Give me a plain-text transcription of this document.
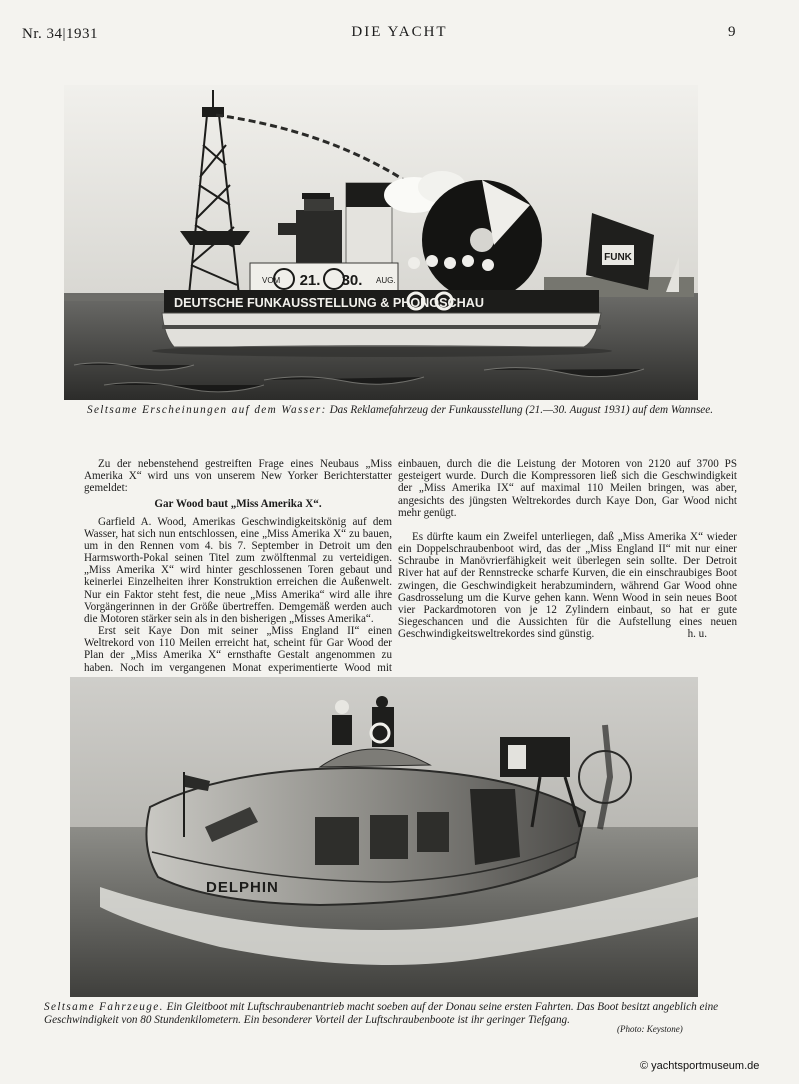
Nr. 34|1931	DIE YACHT	9
FUNK
VOM 21. 30. AUG.
DEUTSCHE FUNKAUSSTELLUNG & PHONOSCHAU
Seltsame Erscheinungen auf dem Wasser: Das Reklamefahrzeug der Funkausstellung (21.—30. August 1931) auf dem Wannsee.

Zu der nebenstehend gestreiften Frage eines Neubaus „Miss Amerika X“ wird uns von unserem New Yorker Berichterstatter gemeldet:

Gar Wood baut „Miss Amerika X“.

Garfield A. Wood, Amerikas Geschwindigkeitskönig auf dem Wasser, hat sich nun entschlossen, eine „Miss Amerika X“ zu bauen, um in den Rennen vom 4. bis 7. September in Detroit um den Harmsworth-Pokal seinen Titel zum zwölftenmal zu verteidigen. „Miss Amerika X“ wird hinter geschlossenen Toren gebaut und keinerlei Einzelheiten ihrer Konstruktion erreichen die Außenwelt. Nur ein Faktor steht fest, die neue „Miss Amerika“ wird alle ihre Vorgängerinnen in der Größe übertreffen. Demgemäß werden auch die Motoren stärker sein als in den bisherigen „Misses Amerika“.

Erst seit Kaye Don mit seiner „Miss England II“ einen Weltrekord von 110 Meilen erreicht hat, scheint für Gar Wood der Plan der „Miss Amerika X“ ernsthafte Gestalt angenommen zu haben. Noch im vergangenen Monat experimentierte Wood mit

einbauen, durch die die Leistung der Motoren von 2120 auf 3700 PS gesteigert wurde. Durch die Kompressoren ließ sich die Geschwindigkeit der „Miss Amerika IX“ auf maximal 110 Meilen bringen, was aber, angesichts des jüngsten Weltrekordes durch Kaye Don, Gar Wood nicht mehr genügt.

Es dürfte kaum ein Zweifel unterliegen, daß „Miss Amerika X“ wieder ein Doppelschraubenboot wird, das der „Miss England II“ mit nur einer Schraube in Manövrierfähigkeit weit überlegen sein sollte. Der Detroit River hat auf der Rennstrecke scharfe Kurven, die ein einschraubiges Boot zwingen, die Geschwindigkeit herabzumindern, während Gar Wood ohne Gasdrosselung um die Kurve gehen kann. Wenn Wood in sein neues Boot vier Packardmotoren von je 12 Zylindern einbaut, so hat er gute Siegeschancen und die Aussichten für die Aufstellung eines neuen Geschwindigkeitsweltrekordes sind günstig.	h. u.

DELPHIN
Seltsame Fahrzeuge. Ein Gleitboot mit Luftschraubenantrieb macht soeben auf der Donau seine ersten Fahrten. Das Boot besitzt angeblich eine Geschwindigkeit von 80 Stundenkilometern. Ein besonderer Vorteil der Luftschraubenboote ist ihr geringer Tiefgang.
(Photo: Keystone)
© yachtsportmuseum.de
